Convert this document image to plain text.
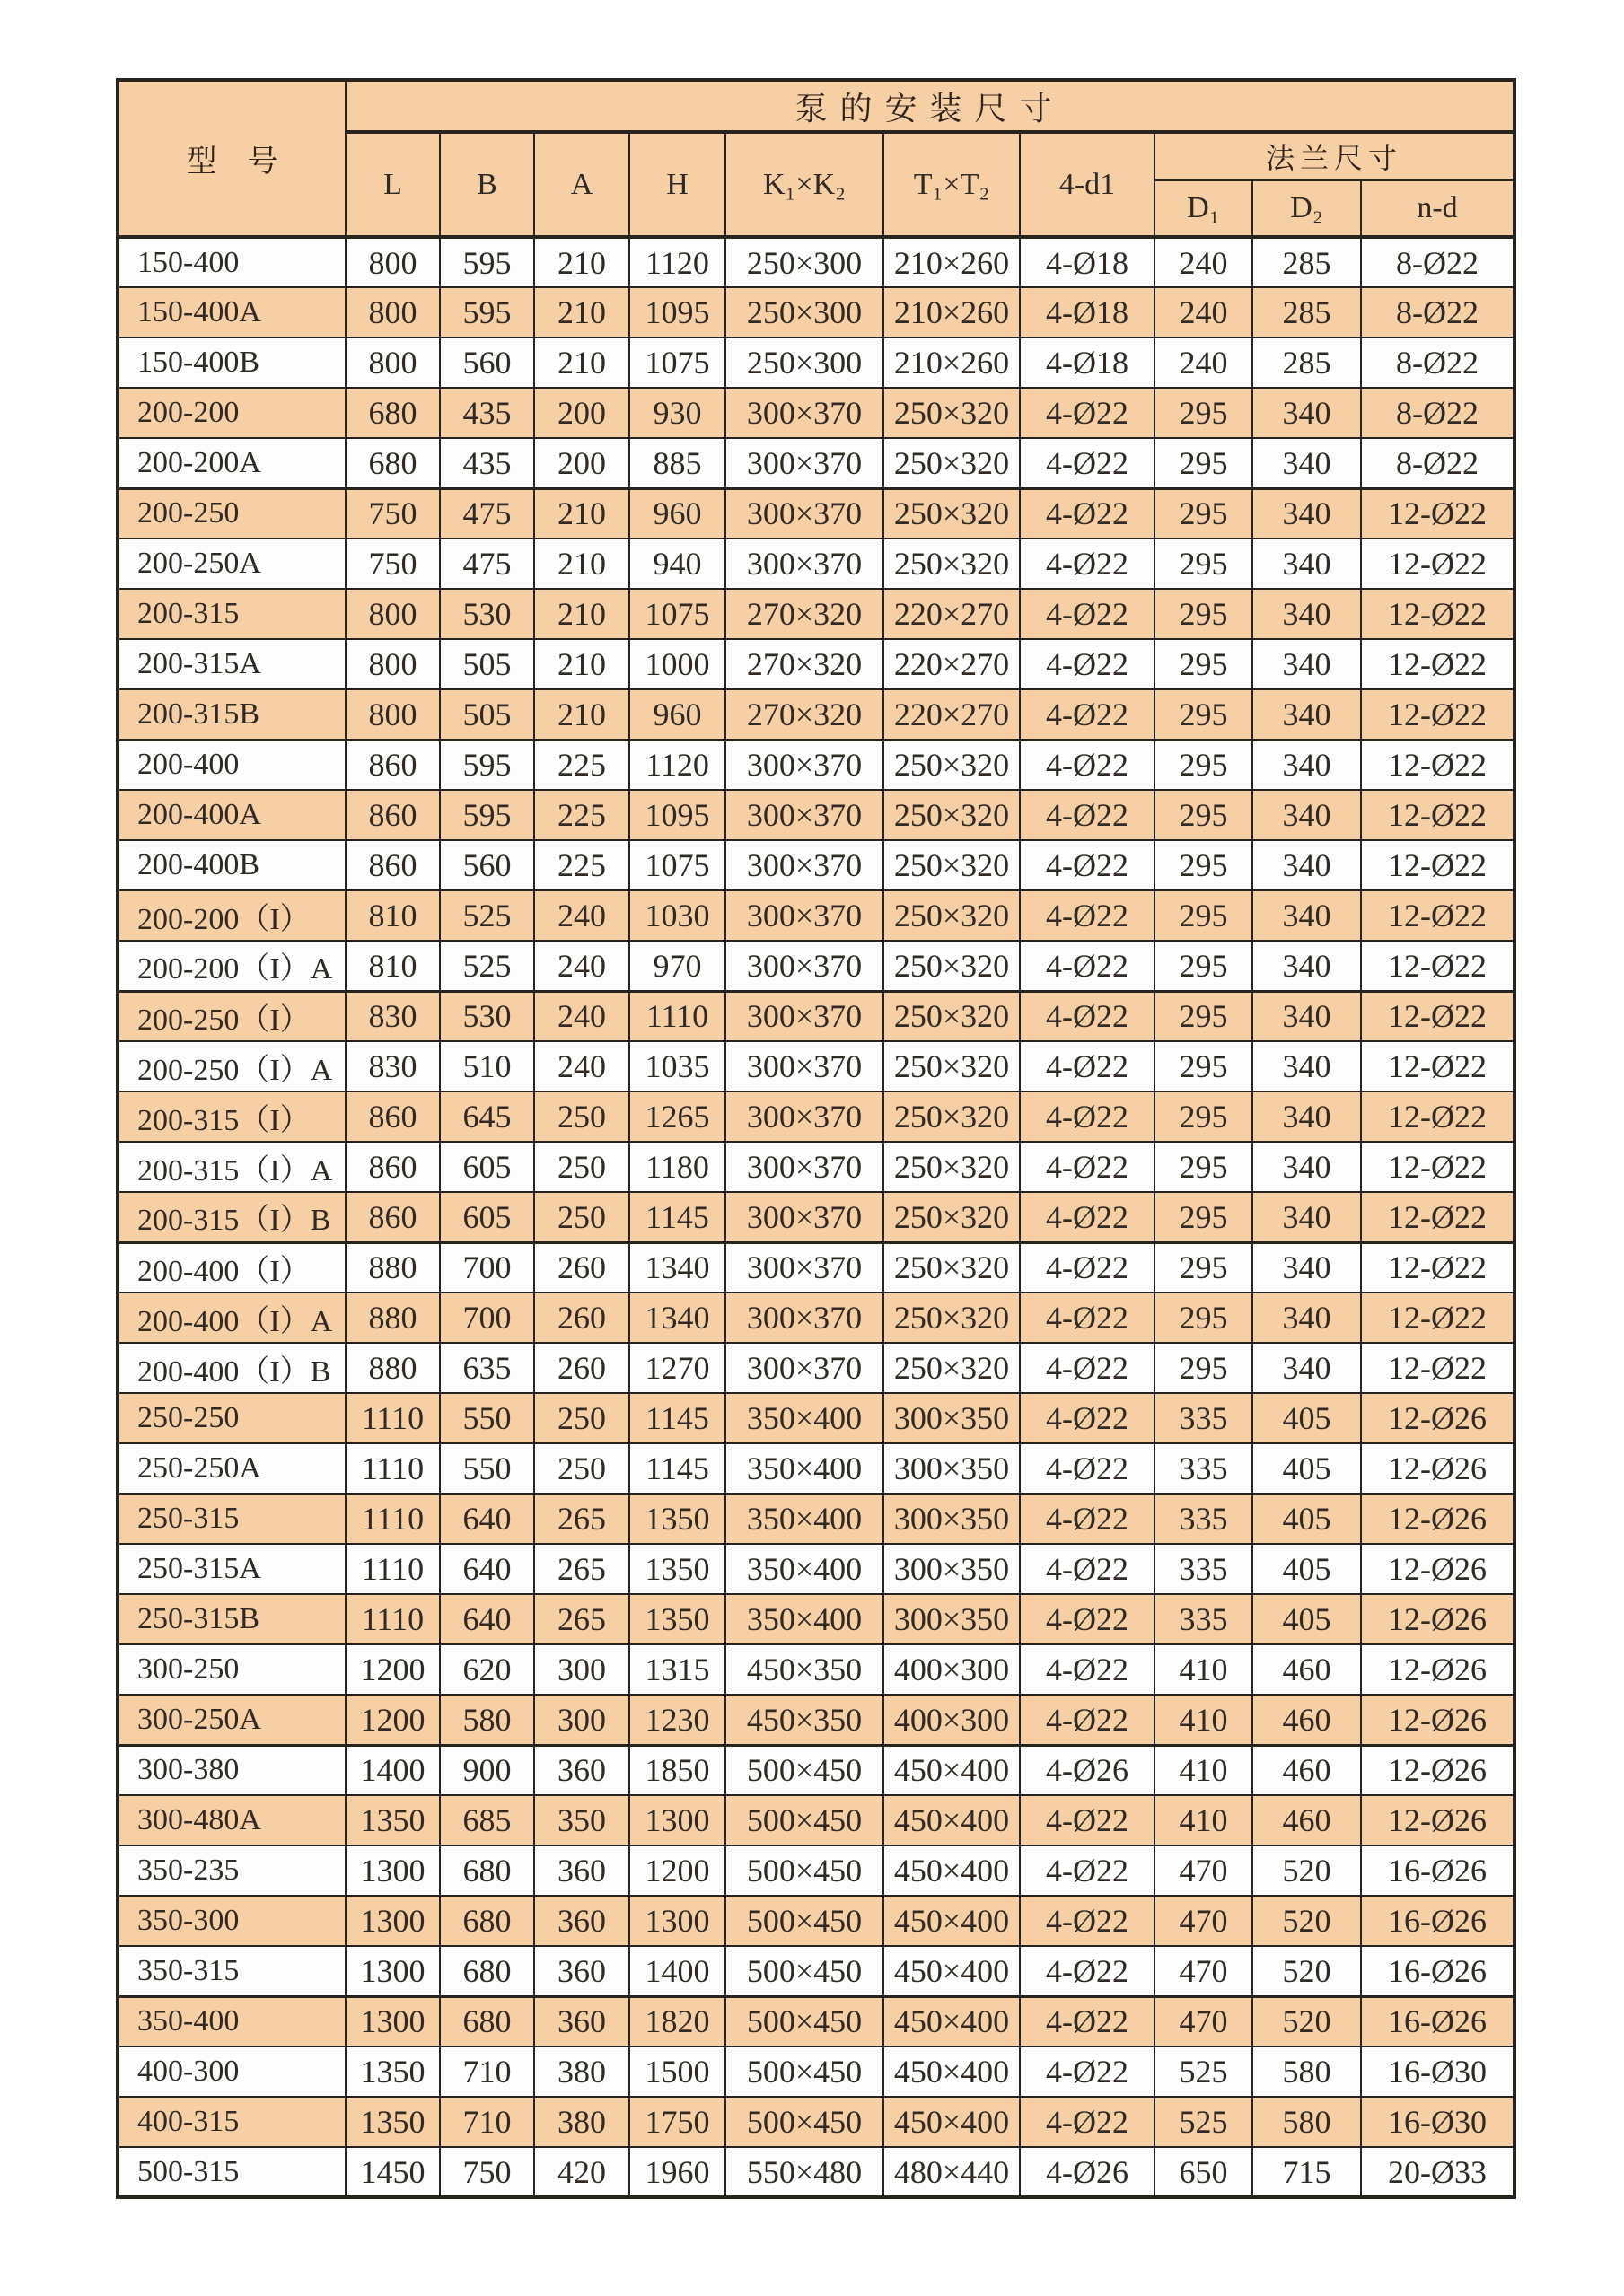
型　号	泵的安装尺寸									
	L	B	A	H	K₁×K₂	T₁×T₂	4-d1	法兰尺寸		
								D₁	D₂	n-d
150-400	800	595	210	1120	250×300	210×260	4-Ø18	240	285	8-Ø22
150-400A	800	595	210	1095	250×300	210×260	4-Ø18	240	285	8-Ø22
150-400B	800	560	210	1075	250×300	210×260	4-Ø18	240	285	8-Ø22
200-200	680	435	200	930	300×370	250×320	4-Ø22	295	340	8-Ø22
200-200A	680	435	200	885	300×370	250×320	4-Ø22	295	340	8-Ø22
200-250	750	475	210	960	300×370	250×320	4-Ø22	295	340	12-Ø22
200-250A	750	475	210	940	300×370	250×320	4-Ø22	295	340	12-Ø22
200-315	800	530	210	1075	270×320	220×270	4-Ø22	295	340	12-Ø22
200-315A	800	505	210	1000	270×320	220×270	4-Ø22	295	340	12-Ø22
200-315B	800	505	210	960	270×320	220×270	4-Ø22	295	340	12-Ø22
200-400	860	595	225	1120	300×370	250×320	4-Ø22	295	340	12-Ø22
200-400A	860	595	225	1095	300×370	250×320	4-Ø22	295	340	12-Ø22
200-400B	860	560	225	1075	300×370	250×320	4-Ø22	295	340	12-Ø22
200-200（I）	810	525	240	1030	300×370	250×320	4-Ø22	295	340	12-Ø22
200-200（I）A	810	525	240	970	300×370	250×320	4-Ø22	295	340	12-Ø22
200-250（I）	830	530	240	1110	300×370	250×320	4-Ø22	295	340	12-Ø22
200-250（I）A	830	510	240	1035	300×370	250×320	4-Ø22	295	340	12-Ø22
200-315（I）	860	645	250	1265	300×370	250×320	4-Ø22	295	340	12-Ø22
200-315（I）A	860	605	250	1180	300×370	250×320	4-Ø22	295	340	12-Ø22
200-315（I）B	860	605	250	1145	300×370	250×320	4-Ø22	295	340	12-Ø22
200-400（I）	880	700	260	1340	300×370	250×320	4-Ø22	295	340	12-Ø22
200-400（I）A	880	700	260	1340	300×370	250×320	4-Ø22	295	340	12-Ø22
200-400（I）B	880	635	260	1270	300×370	250×320	4-Ø22	295	340	12-Ø22
250-250	1110	550	250	1145	350×400	300×350	4-Ø22	335	405	12-Ø26
250-250A	1110	550	250	1145	350×400	300×350	4-Ø22	335	405	12-Ø26
250-315	1110	640	265	1350	350×400	300×350	4-Ø22	335	405	12-Ø26
250-315A	1110	640	265	1350	350×400	300×350	4-Ø22	335	405	12-Ø26
250-315B	1110	640	265	1350	350×400	300×350	4-Ø22	335	405	12-Ø26
300-250	1200	620	300	1315	450×350	400×300	4-Ø22	410	460	12-Ø26
300-250A	1200	580	300	1230	450×350	400×300	4-Ø22	410	460	12-Ø26
300-380	1400	900	360	1850	500×450	450×400	4-Ø26	410	460	12-Ø26
300-480A	1350	685	350	1300	500×450	450×400	4-Ø22	410	460	12-Ø26
350-235	1300	680	360	1200	500×450	450×400	4-Ø22	470	520	16-Ø26
350-300	1300	680	360	1300	500×450	450×400	4-Ø22	470	520	16-Ø26
350-315	1300	680	360	1400	500×450	450×400	4-Ø22	470	520	16-Ø26
350-400	1300	680	360	1820	500×450	450×400	4-Ø22	470	520	16-Ø26
400-300	1350	710	380	1500	500×450	450×400	4-Ø22	525	580	16-Ø30
400-315	1350	710	380	1750	500×450	450×400	4-Ø22	525	580	16-Ø30
500-315	1450	750	420	1960	550×480	480×440	4-Ø26	650	715	20-Ø33
